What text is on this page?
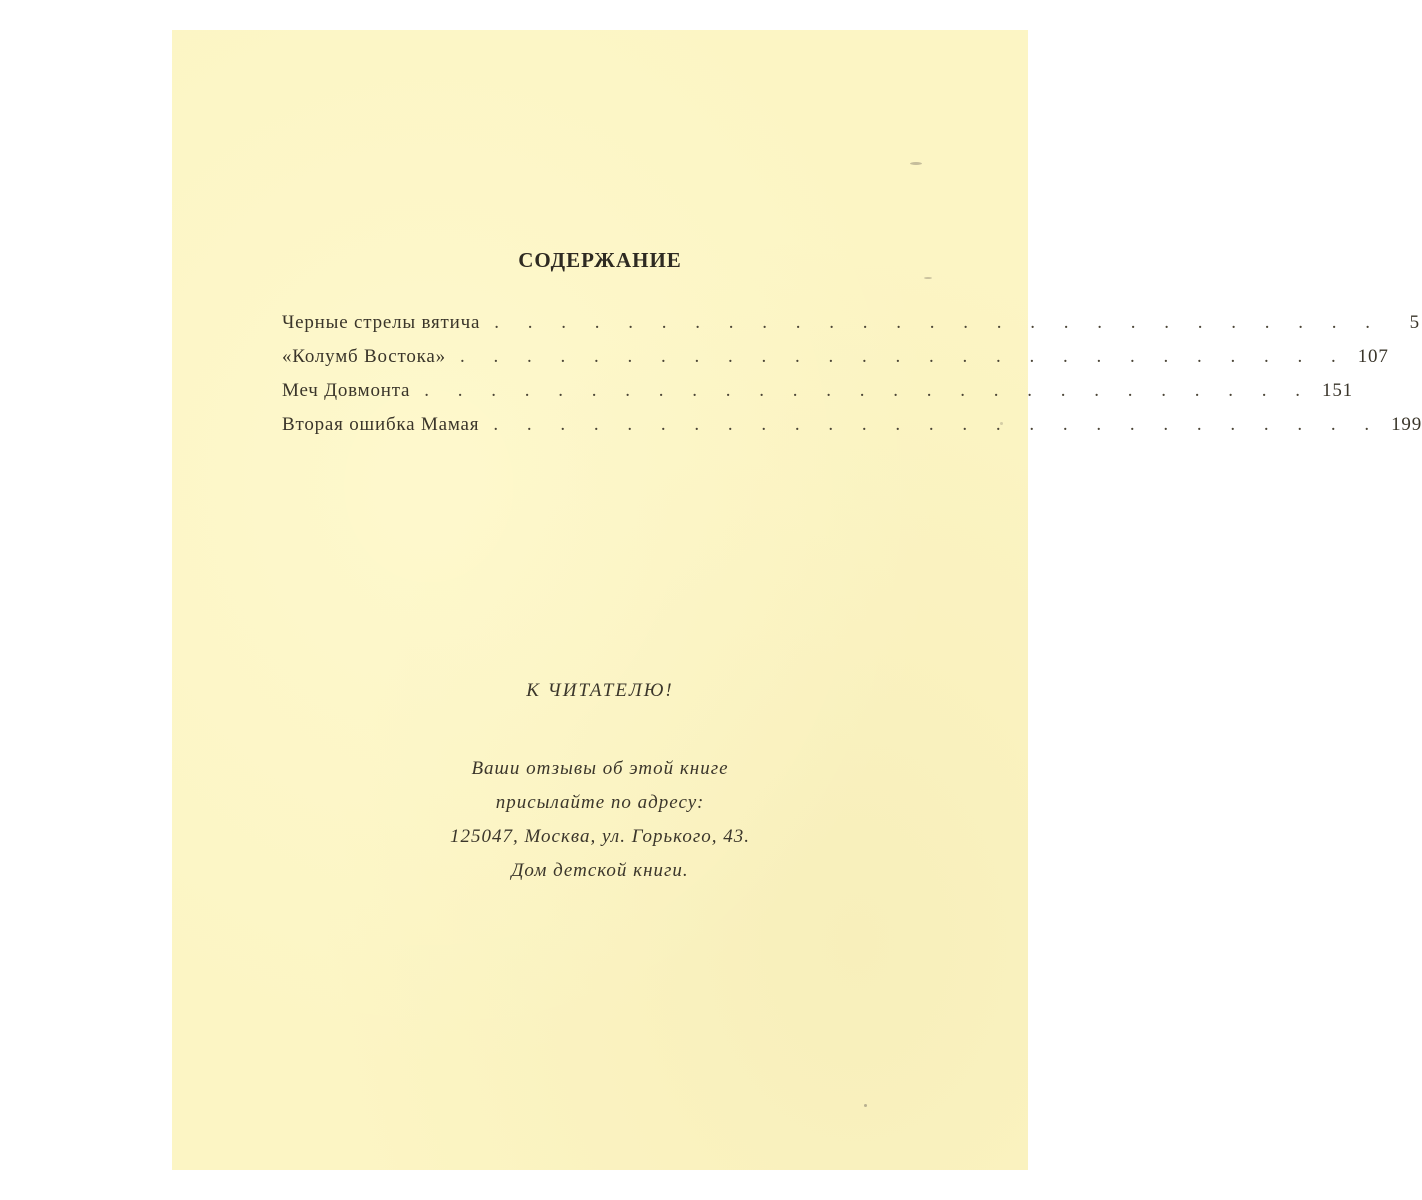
СОДЕРЖАНИЕ
Черные стрелы вятича . . . . . . . . . . . . . . . . . . . . . . . . . . .	5
«Колумб Востока» . . . . . . . . . . . . . . . . . . . . . . . . . . . 107
Меч Довмонта . . . . . . . . . . . . . . . . . . . . . . . . . . . 151
Вторая ошибка Мамая . . . . . . . . . . . . . . . . . . . . . . . . . . . 199
К ЧИТАТЕЛЮ!
Ваши отзывы об этой книге
присылайте по адресу:
125047, Москва, ул. Горького, 43.
Дом детской книги.
